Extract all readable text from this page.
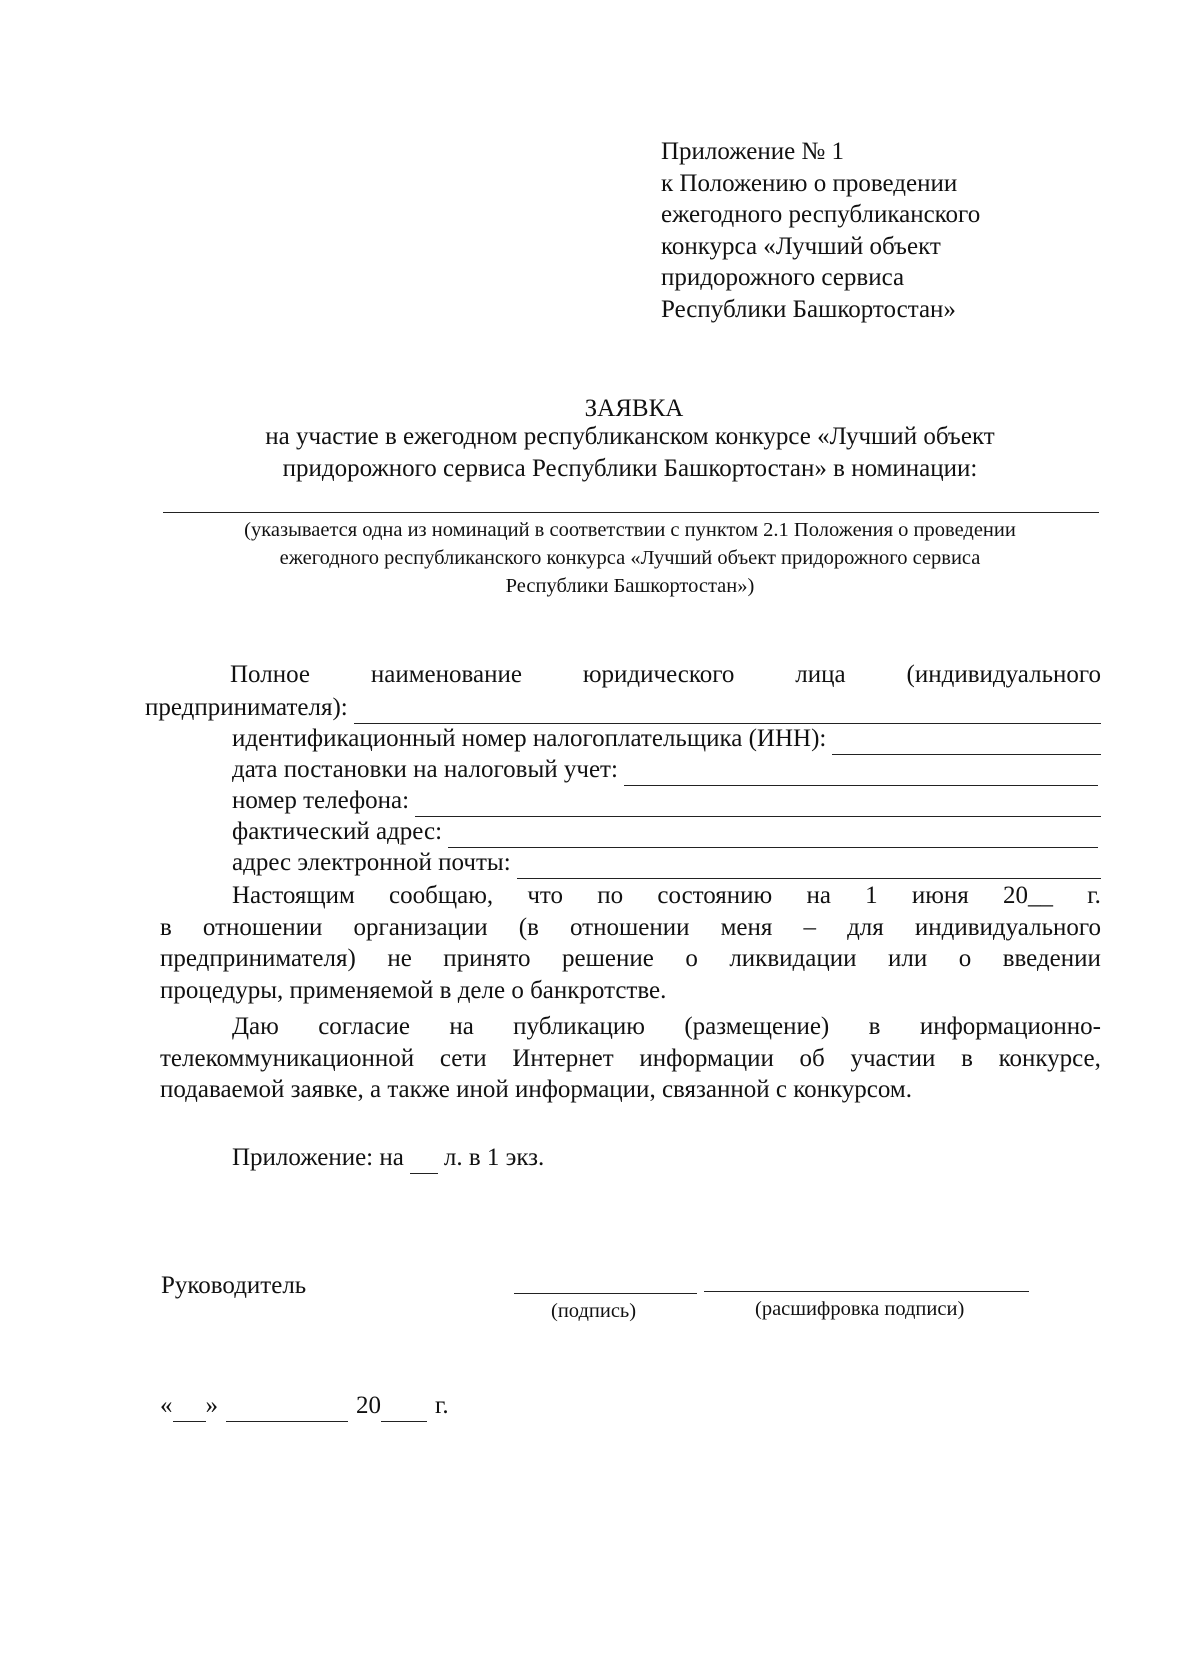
Приложение № 1
к Положению о проведении
ежегодного республиканского
конкурса «Лучший объект
придорожного сервиса
Республики Башкортостан»
ЗАЯВКА
на участие в ежегодном республиканском конкурсе «Лучший объект
придорожного сервиса Республики Башкортостан» в номинации:
(указывается одна из номинаций в соответствии с пунктом 2.1 Положения о проведении
ежегодного республиканского конкурса «Лучший объект придорожного сервиса
Республики Башкортостан»)
Полное наименование юридического лица (индивидуального
предпринимателя):
идентификационный номер налогоплательщика (ИНН):
дата постановки на налоговый учет:
номер телефона:
фактический адрес:
адрес электронной почты:
Настоящим сообщаю, что по состоянию на 1 июня 20__ г.
в отношении организации (в отношении меня – для индивидуального
предпринимателя) не принято решение о ликвидации или о введении
процедуры, применяемой в деле о банкротстве.
Даю согласие на публикацию (размещение) в информационно-
телекоммуникационной сети Интернет информации об участии в конкурсе,
подаваемой заявке, а также иной информации, связанной с конкурсом.
Приложение: на л. в 1 экз.
Руководитель
(подпись)	(расшифровка подписи)
« »	20 г.
